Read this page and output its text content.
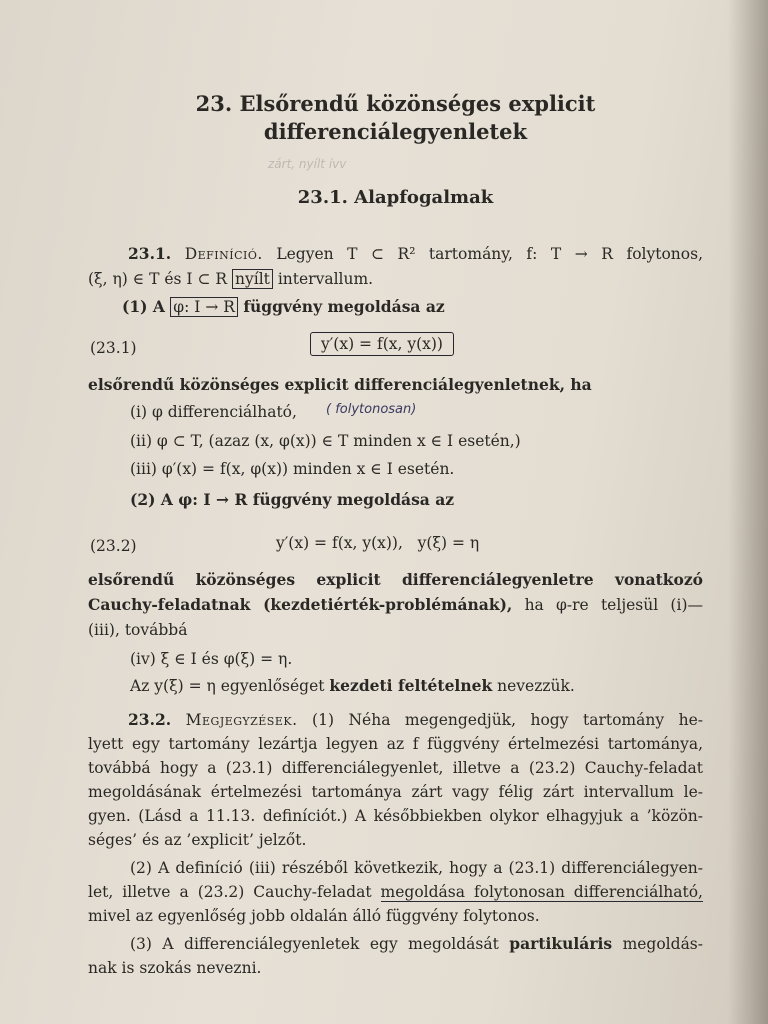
23. Elsőrendű közönséges explicit
differenciálegyenletek
zárt, nyílt ívv
23.1. Alapfogalmak
23.1. Definíció. Legyen T ⊂ R² tartomány, f: T → R folytonos,
(ξ, η) ∈ T és I ⊂ R nyílt intervallum.
(1) A φ: I → R függvény megoldása az
(23.1)	y′(x) = f(x, y(x))
elsőrendű közönséges explicit differenciálegyenletnek, ha
(i) φ differenciálható, ( folytonosan)
(ii) φ ⊂ T, (azaz (x, φ(x)) ∈ T minden x ∈ I esetén,)
(iii) φ′(x) = f(x, φ(x)) minden x ∈ I esetén.
(2) A φ: I → R függvény megoldása az
(23.2)	y′(x) = f(x, y(x)),   y(ξ) = η
elsőrendű közönséges explicit differenciálegyenletre vonatkozó
Cauchy-feladatnak (kezdetiérték-problémának), ha φ-re teljesül (i)—
(iii), továbbá
(iv) ξ ∈ I és φ(ξ) = η.
Az y(ξ) = η egyenlőséget kezdeti feltételnek nevezzük.
23.2. Megjegyzések. (1) Néha megengedjük, hogy tartomány he-
lyett egy tartomány lezártja legyen az f függvény értelmezési tartománya,
továbbá hogy a (23.1) differenciálegyenlet, illetve a (23.2) Cauchy-feladat
megoldásának értelmezési tartománya zárt vagy félig zárt intervallum le-
gyen. (Lásd a 11.13. definíciót.) A későbbiekben olykor elhagyjuk a ’közön-
séges’ és az ’explicit’ jelzőt.
(2) A definíció (iii) részéből következik, hogy a (23.1) differenciálegyen-
let, illetve a (23.2) Cauchy-feladat megoldása folytonosan differenciálható,
mivel az egyenlőség jobb oldalán álló függvény folytonos.
(3) A differenciálegyenletek egy megoldását partikuláris megoldás-
nak is szokás nevezni.
